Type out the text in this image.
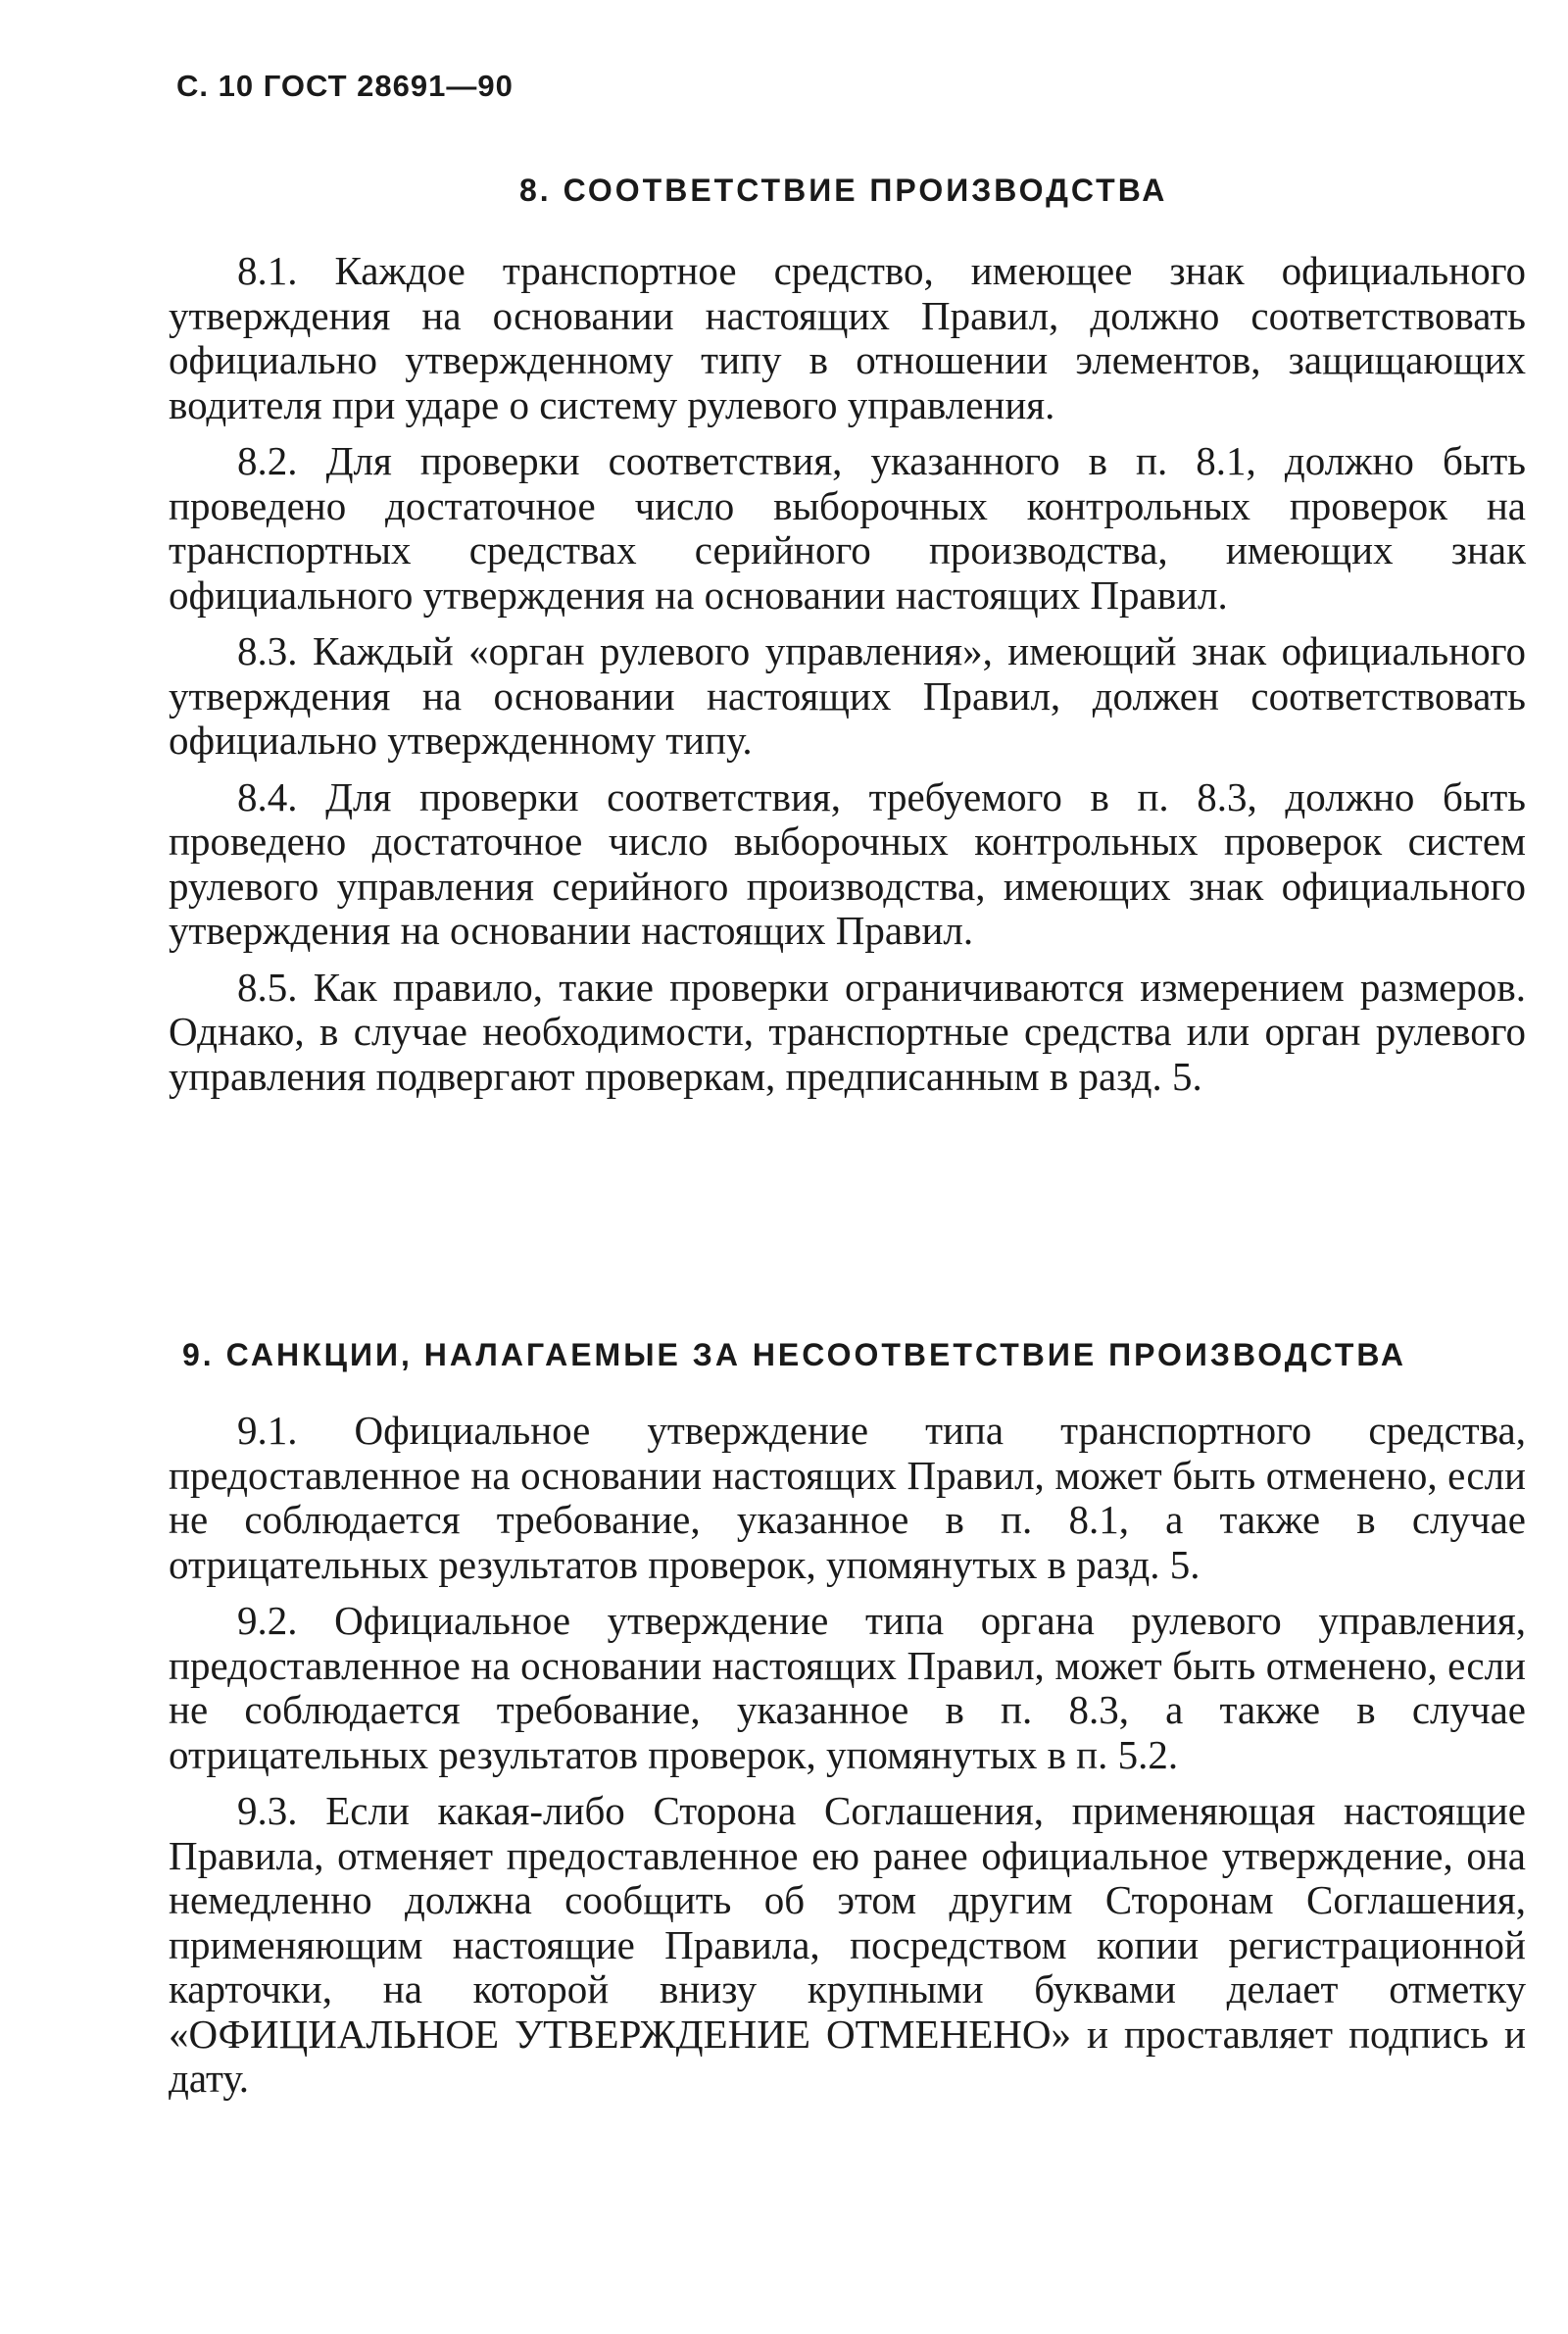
С. 10 ГОСТ 28691—90
8. СООТВЕТСТВИЕ ПРОИЗВОДСТВА

8.1. Каждое транспортное средство, имеющее знак официального утверждения на основании настоящих Правил, должно соответствовать официально утвержденному типу в отношении элементов, защищающих водителя при ударе о систему рулевого управления.

8.2. Для проверки соответствия, указанного в п. 8.1, должно быть проведено достаточное число выборочных контрольных проверок на транспортных средствах серийного производства, имеющих знак официального утверждения на основании настоящих Правил.

8.3. Каждый «орган рулевого управления», имеющий знак официального утверждения на основании настоящих Правил, должен соответствовать официально утвержденному типу.

8.4. Для проверки соответствия, требуемого в п. 8.3, должно быть проведено достаточное число выборочных контрольных проверок систем рулевого управления серийного производства, имеющих знак официального утверждения на основании настоящих Правил.

8.5. Как правило, такие проверки ограничиваются измерением размеров. Однако, в случае необходимости, транспортные средства или орган рулевого управления подвергают проверкам, предписанным в разд. 5.

9. САНКЦИИ, НАЛАГАЕМЫЕ ЗА НЕСООТВЕТСТВИЕ ПРОИЗВОДСТВА

9.1. Официальное утверждение типа транспортного средства, предоставленное на основании настоящих Правил, может быть отменено, если не соблюдается требование, указанное в п. 8.1, а также в случае отрицательных результатов проверок, упомянутых в разд. 5.

9.2. Официальное утверждение типа органа рулевого управления, предоставленное на основании настоящих Правил, может быть отменено, если не соблюдается требование, указанное в п. 8.3, а также в случае отрицательных результатов проверок, упомянутых в п. 5.2.

9.3. Если какая-либо Сторона Соглашения, применяющая настоящие Правила, отменяет предоставленное ею ранее официальное утверждение, она немедленно должна сообщить об этом другим Сторонам Соглашения, применяющим настоящие Правила, посредством копии регистрационной карточки, на которой внизу крупными буквами делает отметку «ОФИЦИАЛЬНОЕ УТВЕРЖДЕНИЕ ОТМЕНЕНО» и проставляет подпись и дату.
